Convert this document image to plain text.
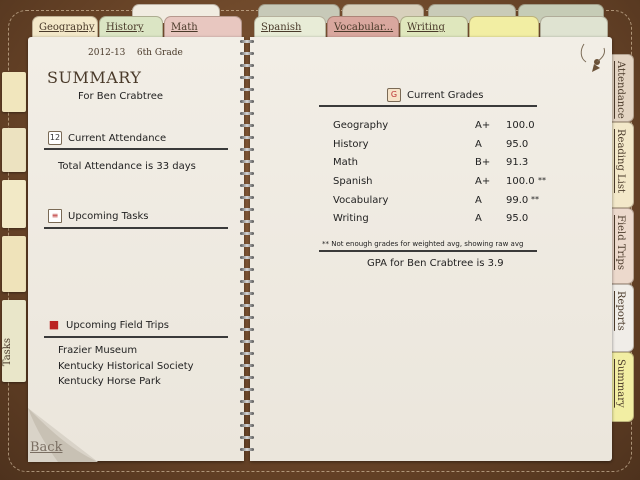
Tasks
Geography	History	Math	Spanish	Vocabular...	Writing
Attendance
Reading List
Field Trips
Reports
Summary
2012-13    6th Grade
SUMMARY
For Ben Crabtree
12 Current Attendance
Total Attendance is 33 days
≡ Upcoming Tasks
■ Upcoming Field Trips
Frazier Museum
Kentucky Historical Society
Kentucky Horse Park
Back
G Current Grades
Geography	A+ 100.0
History	A 95.0
Math	B+ 91.3
Spanish	A+ 100.0 **
Vocabulary	A 99.0 **
Writing	A 95.0
** Not enough grades for weighted avg, showing raw avg
GPA for Ben Crabtree is 3.9
